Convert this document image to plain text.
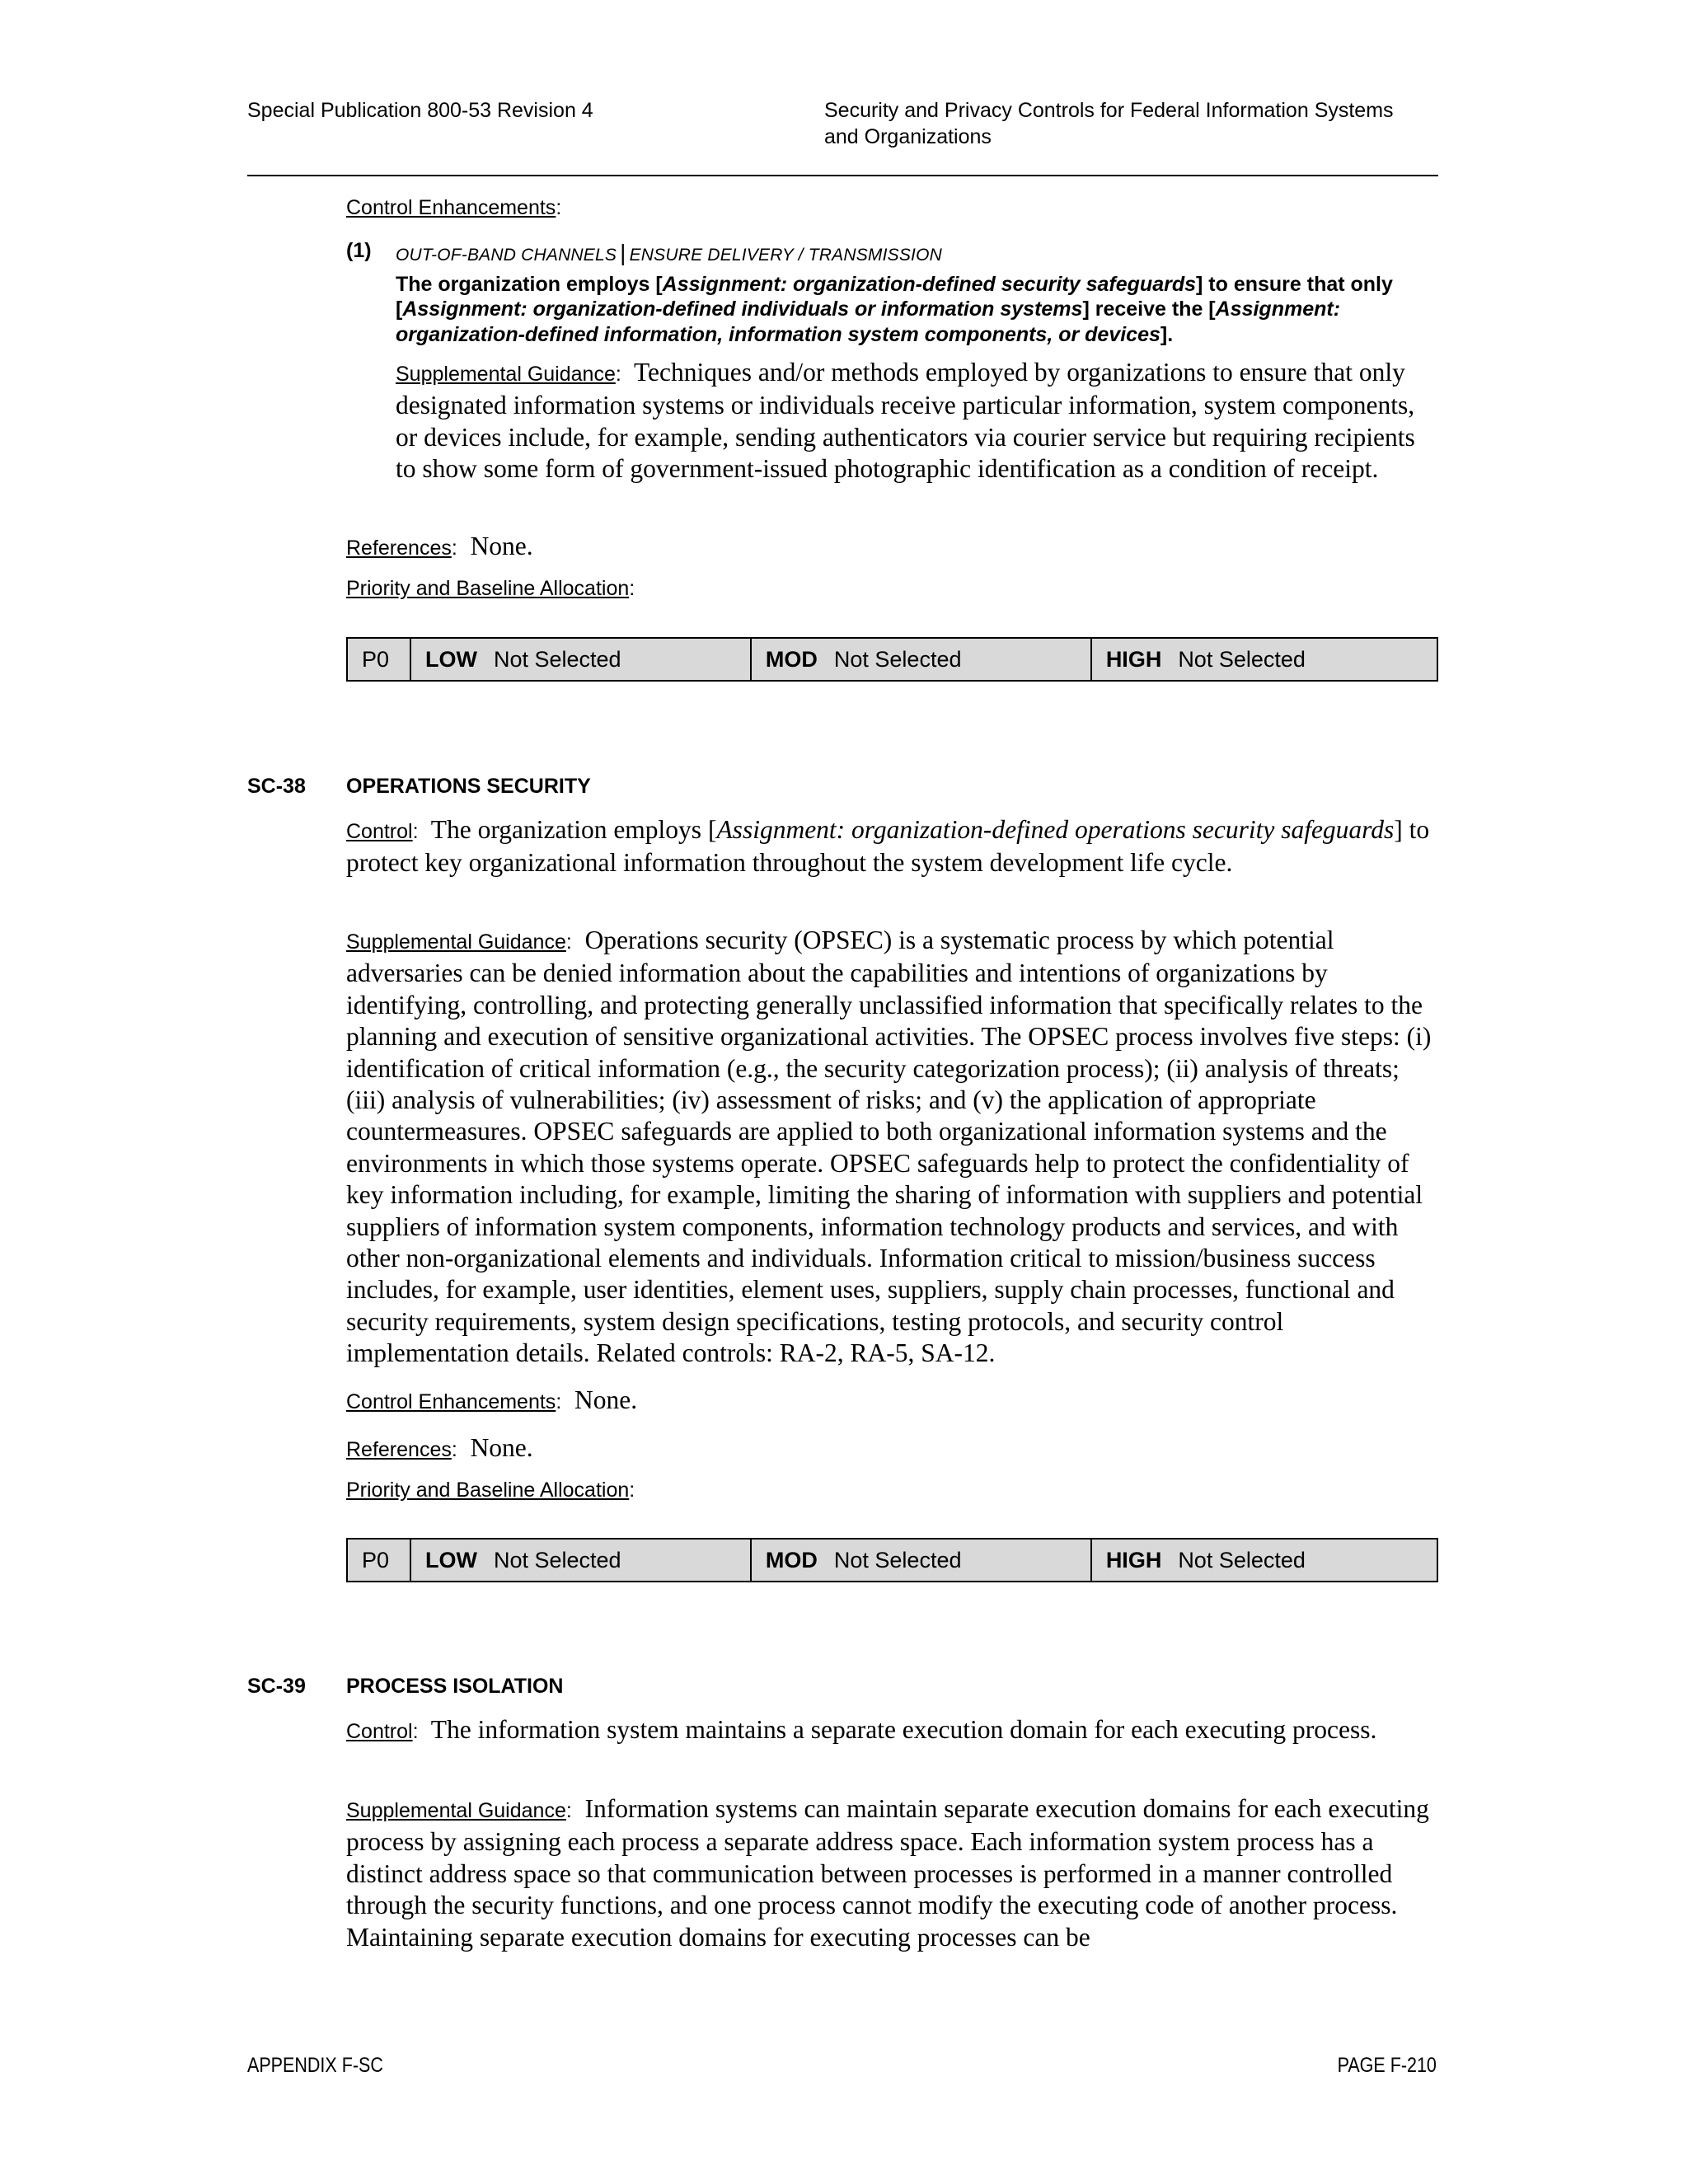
Special Publication 800-53 Revision 4	Security and Privacy Controls for Federal Information Systems
and Organizations
Control Enhancements:
(1) OUT-OF-BAND CHANNELS | ENSURE DELIVERY / TRANSMISSION

The organization employs [Assignment: organization-defined security safeguards] to ensure that only [Assignment: organization-defined individuals or information systems] receive the [Assignment: organization-defined information, information system components, or devices].

Supplemental Guidance: Techniques and/or methods employed by organizations to ensure that only designated information systems or individuals receive particular information, system components, or devices include, for example, sending authenticators via courier service but requiring recipients to show some form of government-issued photographic identification as a condition of receipt.

References: None.

Priority and Baseline Allocation:
P0	LOW Not Selected	MOD Not Selected	HIGH Not Selected
SC-38 OPERATIONS SECURITY

Control: The organization employs [Assignment: organization-defined operations security safeguards] to protect key organizational information throughout the system development life cycle.

Supplemental Guidance: Operations security (OPSEC) is a systematic process by which potential adversaries can be denied information about the capabilities and intentions of organizations by identifying, controlling, and protecting generally unclassified information that specifically relates to the planning and execution of sensitive organizational activities. The OPSEC process involves five steps: (i) identification of critical information (e.g., the security categorization process); (ii) analysis of threats; (iii) analysis of vulnerabilities; (iv) assessment of risks; and (v) the application of appropriate countermeasures. OPSEC safeguards are applied to both organizational information systems and the environments in which those systems operate. OPSEC safeguards help to protect the confidentiality of key information including, for example, limiting the sharing of information with suppliers and potential suppliers of information system components, information technology products and services, and with other non-organizational elements and individuals. Information critical to mission/business success includes, for example, user identities, element uses, suppliers, supply chain processes, functional and security requirements, system design specifications, testing protocols, and security control implementation details. Related controls: RA-2, RA-5, SA-12.

Control Enhancements: None.

References: None.

Priority and Baseline Allocation:
P0	LOW Not Selected	MOD Not Selected	HIGH Not Selected
SC-39 PROCESS ISOLATION

Control: The information system maintains a separate execution domain for each executing process.

Supplemental Guidance: Information systems can maintain separate execution domains for each executing process by assigning each process a separate address space. Each information system process has a distinct address space so that communication between processes is performed in a manner controlled through the security functions, and one process cannot modify the executing code of another process. Maintaining separate execution domains for executing processes can be

APPENDIX F-SC	PAGE F-210
